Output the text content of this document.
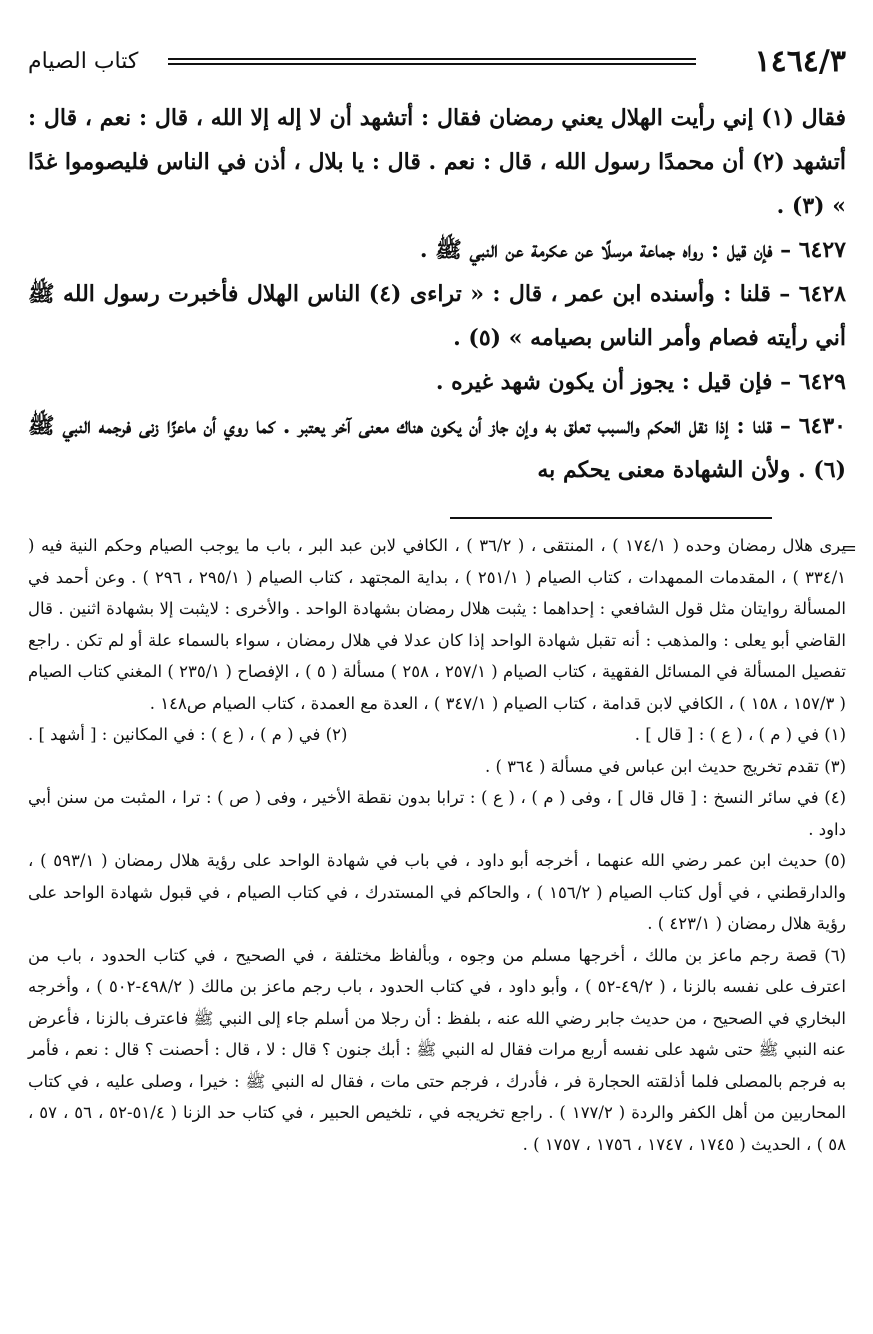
١٤٦٤/٣
كتاب الصيام

فقال (١) إني رأيت الهلال يعني رمضان فقال : أتشهد أن لا إله إلا الله ، قال : نعم ، قال : أتشهد (٢) أن محمدًا رسول الله ، قال : نعم . قال : يا بلال ، أذن في الناس فليصوموا غدًا » (٣) .

٦٤٢٧ – فإن قيل : رواه جماعة مرسلًا عن عكرمة عن النبي ﷺ .

٦٤٢٨ – قلنا : وأسنده ابن عمر ، قال : « تراءى (٤) الناس الهلال فأخبرت رسول الله ﷺ أني رأيته فصام وأمر الناس بصيامه » (٥) .

٦٤٢٩ – فإن قيل : يجوز أن يكون شهد غيره .

٦٤٣٠ – قلنا : إذا نقل الحكم والسبب تعلق به وإن جاز أن يكون هناك معنى آخر يعتبر . كما روي أن ماعزًا زنى فرجمه النبي ﷺ (٦) . ولأن الشهادة معنى يحكم به

=

يرى هلال رمضان وحده ( ١٧٤/١ ) ، المنتقى ، ( ٣٦/٢ ) ، الكافي لابن عبد البر ، باب ما يوجب الصيام وحكم النية فيه ( ٣٣٤/١ ) ، المقدمات الممهدات ، كتاب الصيام ( ٢٥١/١ ) ، بداية المجتهد ، كتاب الصيام ( ٢٩٥/١ ، ٢٩٦ ) . وعن أحمد في المسألة روايتان مثل قول الشافعي : إحداهما : يثبت هلال رمضان بشهادة الواحد . والأخرى : لايثبت إلا بشهادة اثنين . قال القاضي أبو يعلى : والمذهب : أنه تقبل شهادة الواحد إذا كان عدلا في هلال رمضان ، سواء بالسماء علة أو لم تكن . راجع تفصيل المسألة في المسائل الفقهية ، كتاب الصيام ( ٢٥٧/١ ، ٢٥٨ ) مسألة ( ٥ ) ، الإفصاح ( ٢٣٥/١ ) المغني كتاب الصيام ( ١٥٧/٣ ، ١٥٨ ) ، الكافي لابن قدامة ، كتاب الصيام ( ٣٤٧/١ ) ، العدة مع العمدة ، كتاب الصيام ص١٤٨ .

(١) في ( م ) ، ( ع ) : [ قال ] .
(٢) في ( م ) ، ( ع ) : في المكانين : [ أشهد ] .

(٣) تقدم تخريج حديث ابن عباس في مسألة ( ٣٦٤ ) .

(٤) في سائر النسخ : [ قال قال ] ، وفى ( م ) ، ( ع ) : ترابا بدون نقطة الأخير ، وفى ( ص ) : ترا ، المثبت من سنن أبي داود .

(٥) حديث ابن عمر رضي الله عنهما ، أخرجه أبو داود ، في باب في شهادة الواحد على رؤية هلال رمضان ( ٥٩٣/١ ) ، والدارقطني ، في أول كتاب الصيام ( ١٥٦/٢ ) ، والحاكم في المستدرك ، في كتاب الصيام ، في قبول شهادة الواحد على رؤية هلال رمضان ( ٤٢٣/١ ) .

(٦) قصة رجم ماعز بن مالك ، أخرجها مسلم من وجوه ، وبألفاظ مختلفة ، في الصحيح ، في كتاب الحدود ، باب من اعترف على نفسه بالزنا ، ( ٤٩/٢-٥٢ ) ، وأبو داود ، في كتاب الحدود ، باب رجم ماعز بن مالك ( ٤٩٨/٢-٥٠٢ ) ، وأخرجه البخاري في الصحيح ، من حديث جابر رضي الله عنه ، بلفظ : أن رجلا من أسلم جاء إلى النبي ﷺ فاعترف بالزنا ، فأعرض عنه النبي ﷺ حتى شهد على نفسه أربع مرات فقال له النبي ﷺ : أبك جنون ؟ قال : لا ، قال : أحصنت ؟ قال : نعم ، فأمر به فرجم بالمصلى فلما أذلقته الحجارة فر ، فأدرك ، فرجم حتى مات ، فقال له النبي ﷺ : خيرا ، وصلى عليه ، في كتاب المحاربين من أهل الكفر والردة ( ١٧٧/٢ ) . راجع تخريجه في ، تلخيص الحبير ، في كتاب حد الزنا ( ٥١/٤-٥٢ ، ٥٦ ، ٥٧ ، ٥٨ ) ، الحديث ( ١٧٤٥ ، ١٧٤٧ ، ١٧٥٦ ، ١٧٥٧ ) .
